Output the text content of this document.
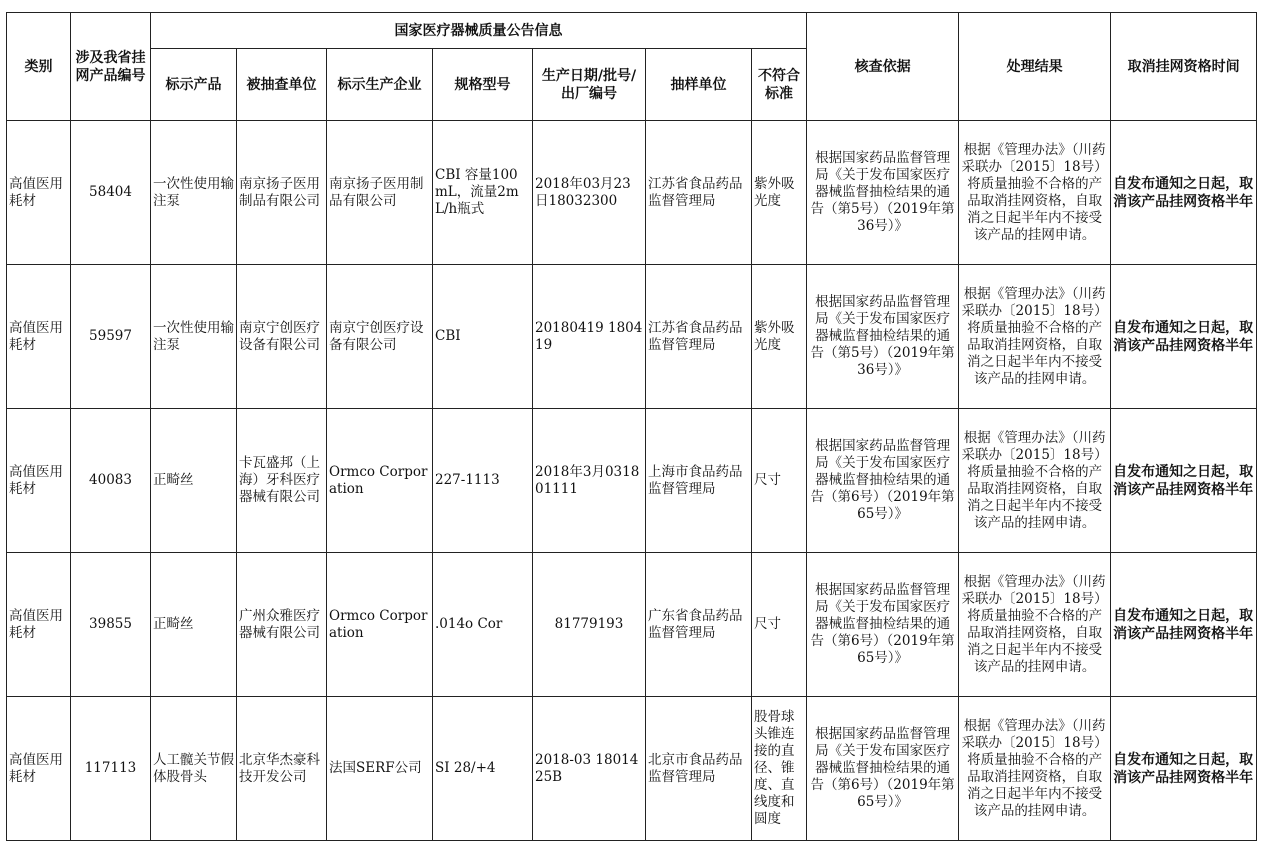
类别	涉及我省挂网产品编号	国家医疗器械质量公告信息							核查依据	处理结果	取消挂网资格时间
		标示产品	被抽查单位	标示生产企业	规格型号	生产日期/批号/出厂编号	抽样单位	不符合标准			
高值医用耗材	58404	一次性使用输注泵	南京扬子医用制品有限公司	南京扬子医用制品有限公司	CBI 容量100mL，流量2mL/h瓶式	2018年03月23日18032300	江苏省食品药品监督管理局	紫外吸光度	根据国家药品监督管理局《关于发布国家医疗器械监督抽检结果的通告（第5号）（2019年第36号）》	根据《管理办法》（川药采联办〔2015〕18号）将质量抽验不合格的产品取消挂网资格，自取消之日起半年内不接受该产品的挂网申请。	自发布通知之日起，取消该产品挂网资格半年
高值医用耗材	59597	一次性使用输注泵	南京宁创医疗设备有限公司	南京宁创医疗设备有限公司	CBI	20180419 180419	江苏省食品药品监督管理局	紫外吸光度	根据国家药品监督管理局《关于发布国家医疗器械监督抽检结果的通告（第5号）（2019年第36号）》	根据《管理办法》（川药采联办〔2015〕18号）将质量抽验不合格的产品取消挂网资格，自取消之日起半年内不接受该产品的挂网申请。	自发布通知之日起，取消该产品挂网资格半年
高值医用耗材	40083	正畸丝	卡瓦盛邦（上海）牙科医疗器械有限公司	Ormco Corporation	227-1113	2018年3月031801111	上海市食品药品监督管理局	尺寸	根据国家药品监督管理局《关于发布国家医疗器械监督抽检结果的通告（第6号）（2019年第65号）》	根据《管理办法》（川药采联办〔2015〕18号）将质量抽验不合格的产品取消挂网资格，自取消之日起半年内不接受该产品的挂网申请。	自发布通知之日起，取消该产品挂网资格半年
高值医用耗材	39855	正畸丝	广州众雅医疗器械有限公司	Ormco Corporation	.014o Cor	81779193	广东省食品药品监督管理局	尺寸	根据国家药品监督管理局《关于发布国家医疗器械监督抽检结果的通告（第6号）（2019年第65号）》	根据《管理办法》（川药采联办〔2015〕18号）将质量抽验不合格的产品取消挂网资格，自取消之日起半年内不接受该产品的挂网申请。	自发布通知之日起，取消该产品挂网资格半年
高值医用耗材	117113	人工髋关节假体股骨头	北京华杰豪科技开发公司	法国SERF公司	SI 28/+4	2018-03 1801425B	北京市食品药品监督管理局	股骨球头锥连接的直径、锥度、直线度和圆度	根据国家药品监督管理局《关于发布国家医疗器械监督抽检结果的通告（第6号）（2019年第65号）》	根据《管理办法》（川药采联办〔2015〕18号）将质量抽验不合格的产品取消挂网资格，自取消之日起半年内不接受该产品的挂网申请。	自发布通知之日起，取消该产品挂网资格半年
